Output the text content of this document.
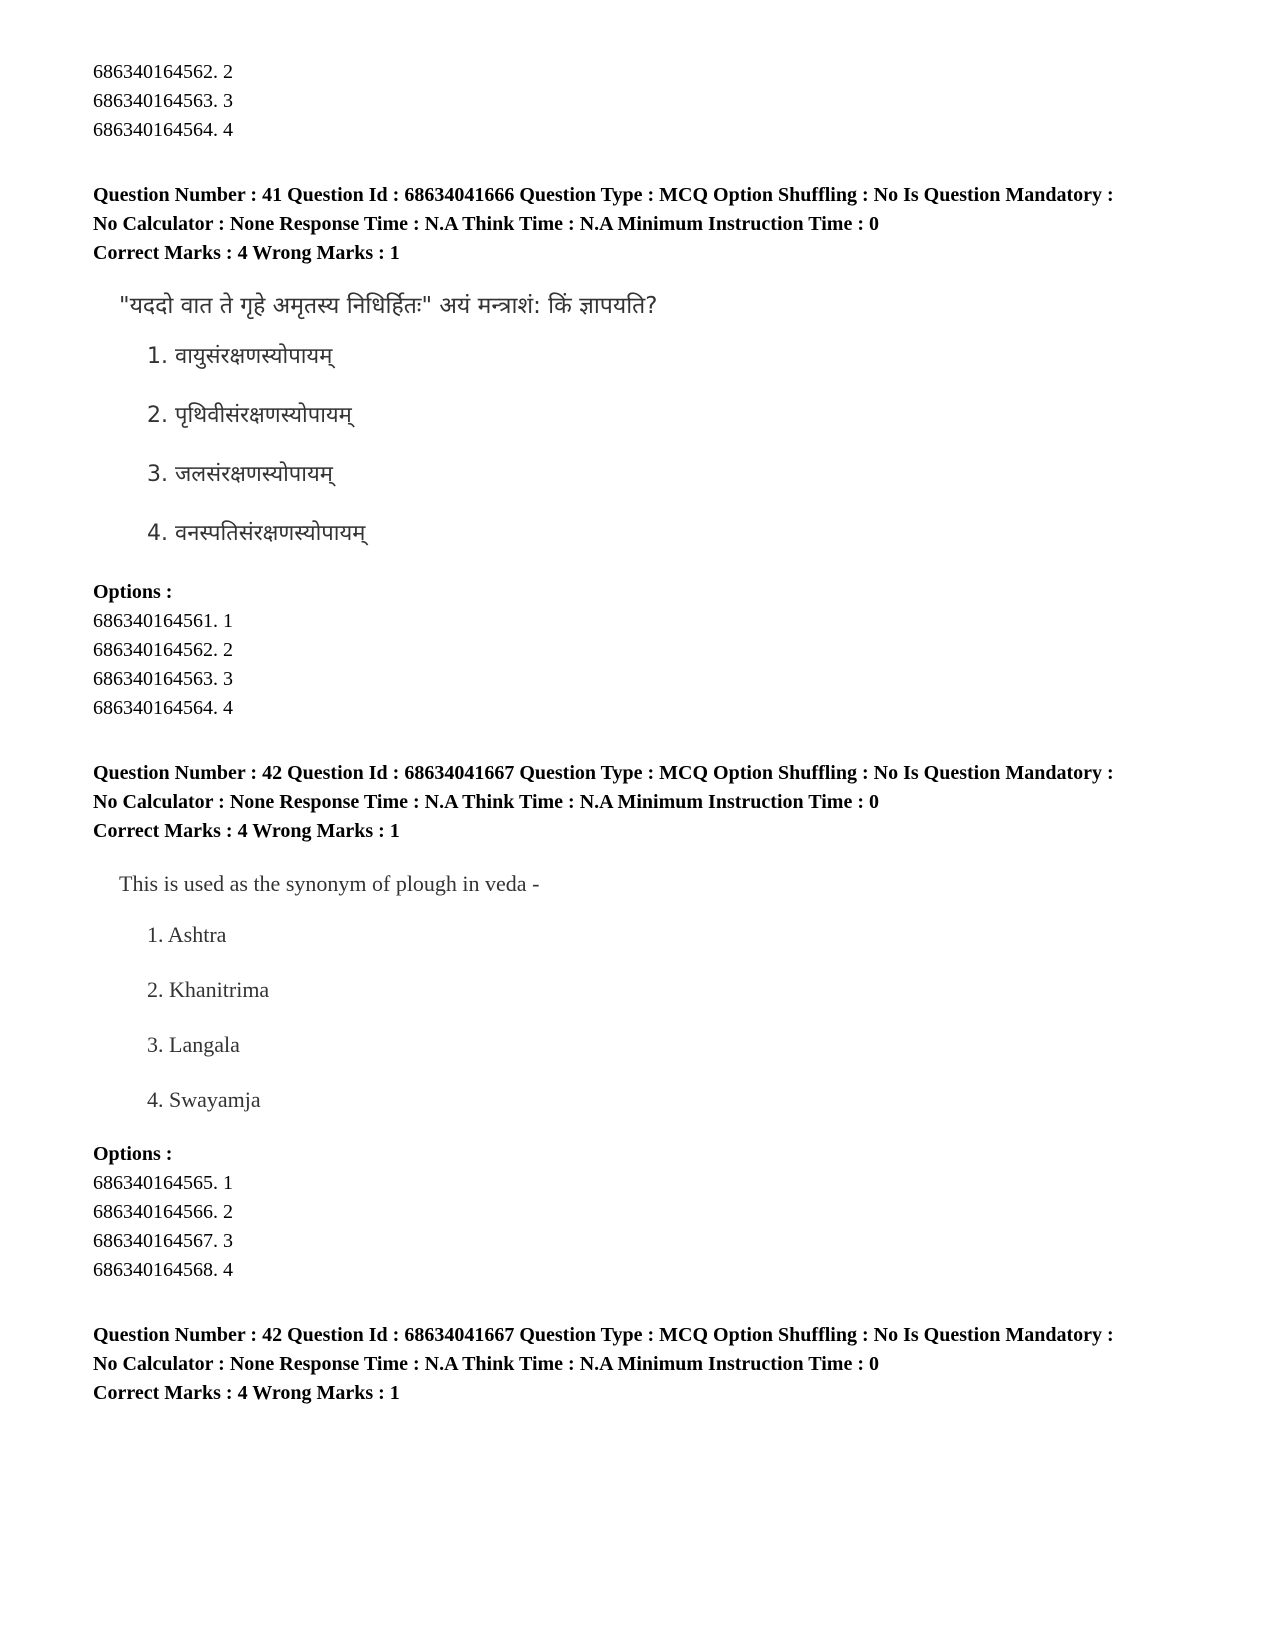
686340164562. 2
686340164563. 3
686340164564. 4
Question Number : 41 Question Id : 68634041666 Question Type : MCQ Option Shuffling : No Is Question Mandatory :
No Calculator : None Response Time : N.A Think Time : N.A Minimum Instruction Time : 0
Correct Marks : 4 Wrong Marks : 1
"यददो वात ते गृहे अमृतस्य निधिर्हितः" अयं मन्त्राशं: किं ज्ञापयति?
1. वायुसंरक्षणस्योपायम्
2. पृथिवीसंरक्षणस्योपायम्
3. जलसंरक्षणस्योपायम्
4. वनस्पतिसंरक्षणस्योपायम्
Options :
686340164561. 1
686340164562. 2
686340164563. 3
686340164564. 4
Question Number : 42 Question Id : 68634041667 Question Type : MCQ Option Shuffling : No Is Question Mandatory :
No Calculator : None Response Time : N.A Think Time : N.A Minimum Instruction Time : 0
Correct Marks : 4 Wrong Marks : 1
This is used as the synonym of plough in veda -
1. Ashtra
2. Khanitrima
3. Langala
4. Swayamja
Options :
686340164565. 1
686340164566. 2
686340164567. 3
686340164568. 4
Question Number : 42 Question Id : 68634041667 Question Type : MCQ Option Shuffling : No Is Question Mandatory :
No Calculator : None Response Time : N.A Think Time : N.A Minimum Instruction Time : 0
Correct Marks : 4 Wrong Marks : 1
